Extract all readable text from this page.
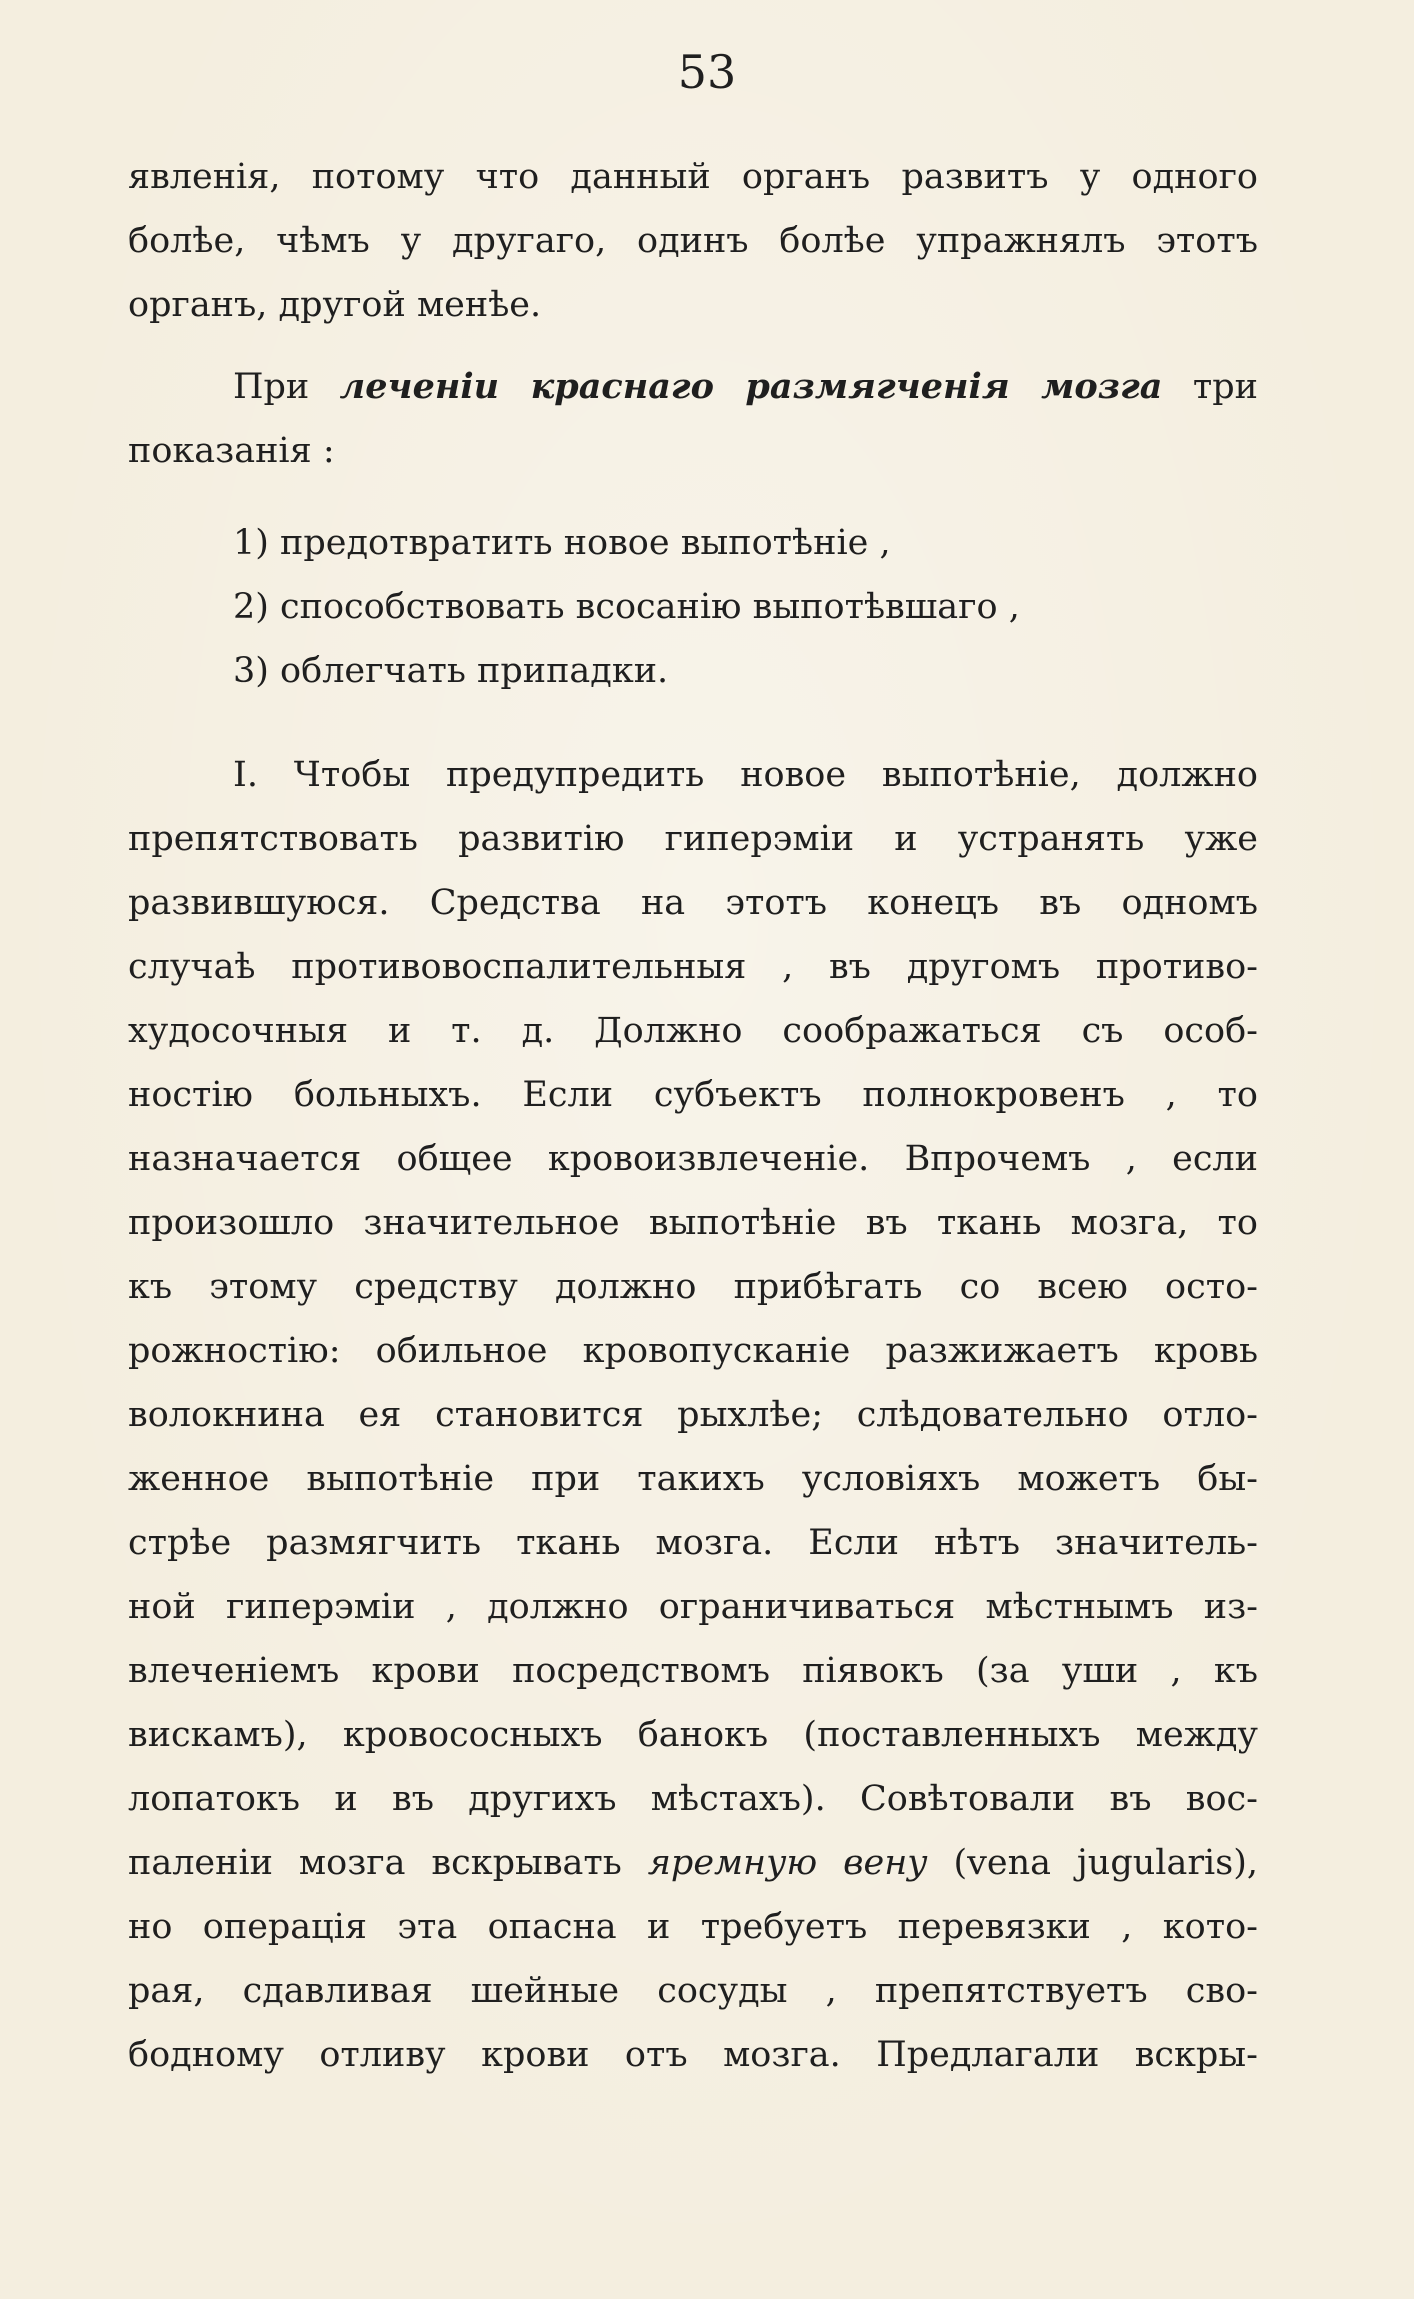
53
явленія, потому что данный органъ развитъ у одного
болѣе, чѣмъ у другаго, одинъ болѣе упражнялъ этотъ
органъ, другой менѣе.
При леченіи краснаго размягченія мозга три
показанія :
1) предотвратить новое выпотѣніе ,
2) способствовать всосанію выпотѣвшаго ,
3) облегчать припадки.
I. Чтобы предупредить новое выпотѣніе, должно
препятствовать развитію гиперэміи и устранять уже
развившуюся. Средства на этотъ конецъ въ одномъ
случаѣ противовоспалительныя , въ другомъ противо-
худосочныя и т. д. Должно соображаться съ особ-
ностію больныхъ. Если субъектъ полнокровенъ , то
назначается общее кровоизвлеченіе. Впрочемъ , если
произошло значительное выпотѣніе въ ткань мозга, то
къ этому средству должно прибѣгать со всею осто-
рожностію: обильное кровопусканіе разжижаетъ кровь
волокнина ея становится рыхлѣе; слѣдовательно отло-
женное выпотѣніе при такихъ условіяхъ можетъ бы-
стрѣе размягчить ткань мозга. Если нѣтъ значитель-
ной гиперэміи , должно ограничиваться мѣстнымъ из-
влеченіемъ крови посредствомъ піявокъ (за уши , къ
вискамъ), кровососныхъ банокъ (поставленныхъ между
лопатокъ и въ другихъ мѣстахъ). Совѣтовали въ вос-
паленіи мозга вскрывать яремную вену (vena jugularis),
но операція эта опасна и требуетъ перевязки , кото-
рая, сдавливая шейные сосуды , препятствуетъ сво-
бодному отливу крови отъ мозга. Предлагали вскры-
